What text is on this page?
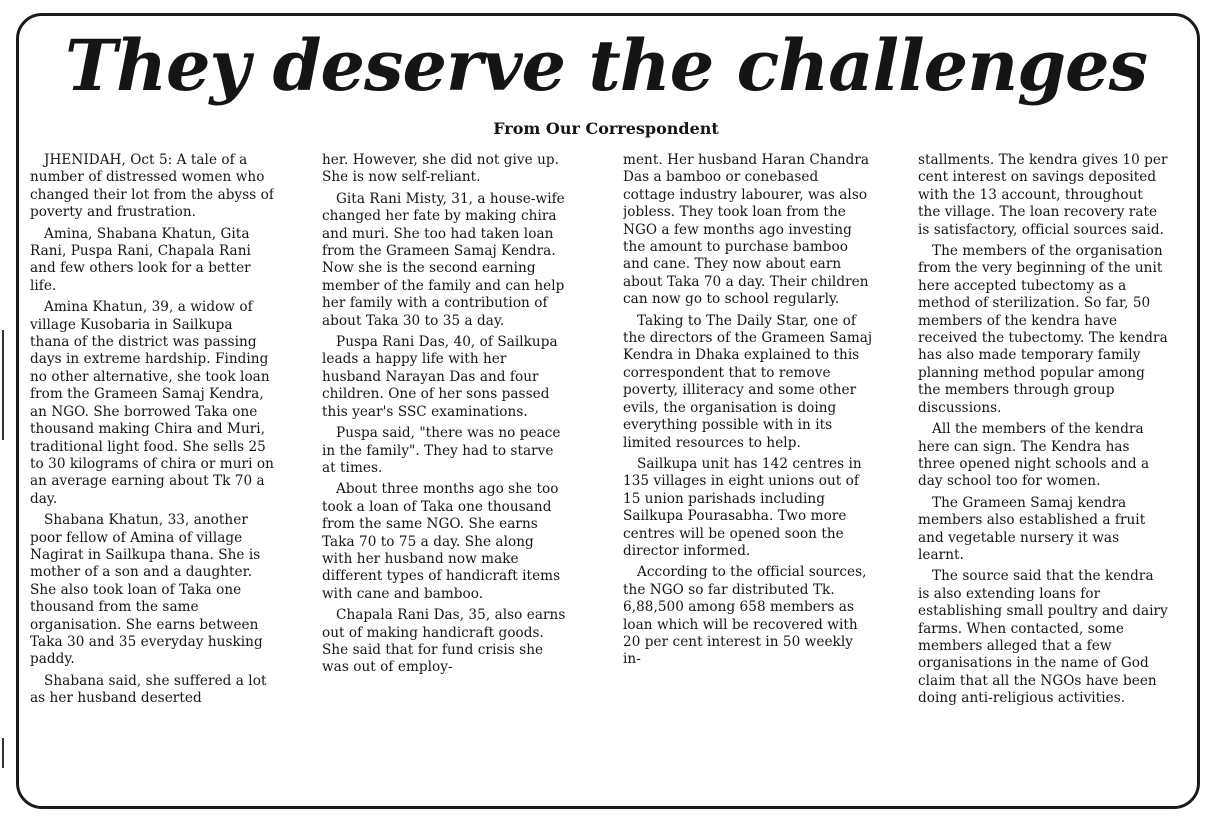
They deserve the challenges
From Our Correspondent

JHENIDAH, Oct 5: A tale of a number of distressed women who changed their lot from the abyss of poverty and frustration.

Amina, Shabana Khatun, Gita Rani, Puspa Rani, Chapala Rani and few others look for a better life.

Amina Khatun, 39, a widow of village Kusobaria in Sailkupa thana of the district was passing days in extreme hardship. Finding no other alternative, she took loan from the Grameen Samaj Kendra, an NGO. She borrowed Taka one thousand making Chira and Muri, traditional light food. She sells 25 to 30 kilograms of chira or muri on an average earning about Tk 70 a day.

Shabana Khatun, 33, another poor fellow of Amina of village Nagirat in Sailkupa thana. She is mother of a son and a daughter. She also took loan of Taka one thousand from the same organisation. She earns between Taka 30 and 35 everyday husking paddy.

Shabana said, she suffered a lot as her husband deserted

her. However, she did not give up. She is now self-reliant.

Gita Rani Misty, 31, a house-wife changed her fate by making chira and muri. She too had taken loan from the Grameen Samaj Kendra. Now she is the second earning member of the family and can help her family with a contribution of about Taka 30 to 35 a day.

Puspa Rani Das, 40, of Sailkupa leads a happy life with her husband Narayan Das and four children. One of her sons passed this year's SSC examinations.

Puspa said, "there was no peace in the family". They had to starve at times.

About three months ago she too took a loan of Taka one thousand from the same NGO. She earns Taka 70 to 75 a day. She along with her husband now make different types of handicraft items with cane and bamboo.

Chapala Rani Das, 35, also earns out of making handicraft goods. She said that for fund crisis she was out of employ-

ment. Her husband Haran Chandra Das a bamboo or conebased cottage industry labourer, was also jobless. They took loan from the NGO a few months ago investing the amount to purchase bamboo and cane. They now about earn about Taka 70 a day. Their children can now go to school regularly.

Taking to The Daily Star, one of the directors of the Grameen Samaj Kendra in Dhaka explained to this correspondent that to remove poverty, illiteracy and some other evils, the organisation is doing everything possible with in its limited resources to help.

Sailkupa unit has 142 centres in 135 villages in eight unions out of 15 union parishads including Sailkupa Pourasabha. Two more centres will be opened soon the director informed.

According to the official sources, the NGO so far distributed Tk. 6,88,500 among 658 members as loan which will be recovered with 20 per cent interest in 50 weekly in-

stallments. The kendra gives 10 per cent interest on savings deposited with the 13 account, throughout the village. The loan recovery rate is satisfactory, official sources said.

The members of the organisation from the very beginning of the unit here accepted tubectomy as a method of sterilization. So far, 50 members of the kendra have received the tubectomy. The kendra has also made temporary family planning method popular among the members through group discussions.

All the members of the kendra here can sign. The Kendra has three opened night schools and a day school too for women.

The Grameen Samaj kendra members also established a fruit and vegetable nursery it was learnt.

The source said that the kendra is also extending loans for establishing small poultry and dairy farms. When contacted, some members alleged that a few organisations in the name of God claim that all the NGOs have been doing anti-religious activities.
